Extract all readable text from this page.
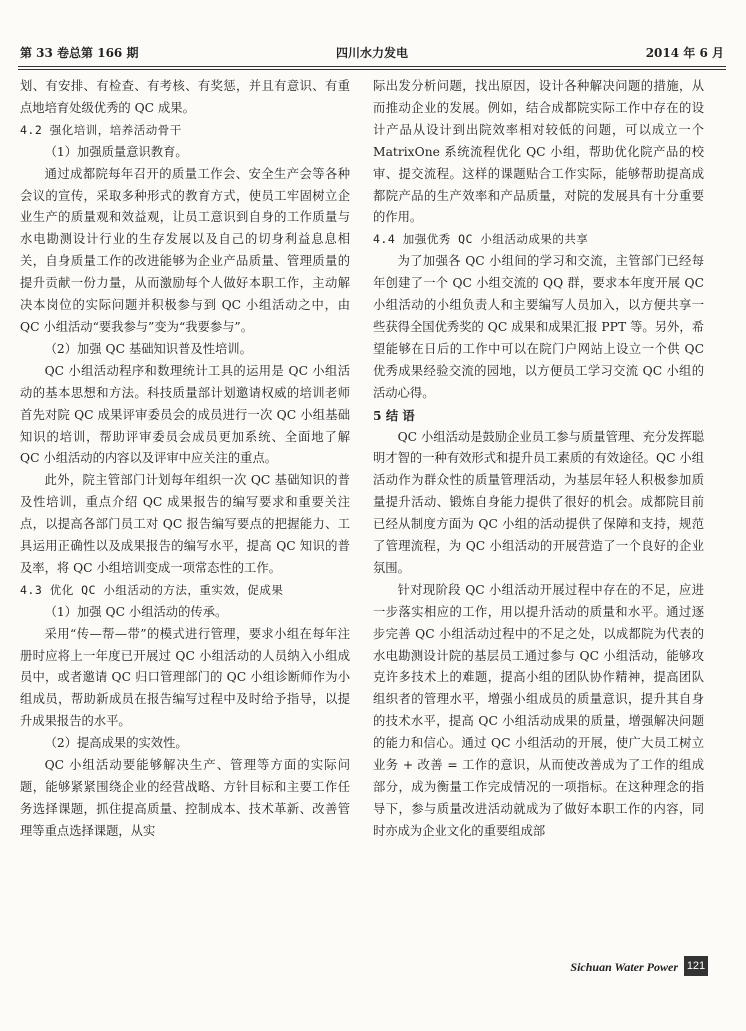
第 33 卷总第 166 期	四川水力发电	2014 年 6 月

划、有安排、有检查、有考核、有奖惩，并且有意识、有重点地培育处级优秀的 QC 成果。

4.2 强化培训，培养活动骨干

（1）加强质量意识教育。

通过成都院每年召开的质量工作会、安全生产会等各种会议的宣传，采取多种形式的教育方式，使员工牢固树立企业生产的质量观和效益观，让员工意识到自身的工作质量与水电勘测设计行业的生存发展以及自己的切身利益息息相关，自身质量工作的改进能够为企业产品质量、管理质量的提升贡献一份力量，从而激励每个人做好本职工作，主动解决本岗位的实际问题并积极参与到 QC 小组活动之中，由 QC 小组活动“要我参与”变为“我要参与”。

（2）加强 QC 基础知识普及性培训。

QC 小组活动程序和数理统计工具的运用是 QC 小组活动的基本思想和方法。科技质量部计划邀请权威的培训老师首先对院 QC 成果评审委员会的成员进行一次 QC 小组基础知识的培训，帮助评审委员会成员更加系统、全面地了解 QC 小组活动的内容以及评审中应关注的重点。

此外，院主管部门计划每年组织一次 QC 基础知识的普及性培训，重点介绍 QC 成果报告的编写要求和重要关注点，以提高各部门员工对 QC 报告编写要点的把握能力、工具运用正确性以及成果报告的编写水平，提高 QC 知识的普及率，将 QC 小组培训变成一项常态性的工作。

4.3 优化 QC 小组活动的方法，重实效，促成果

（1）加强 QC 小组活动的传承。

采用“传—帮—带”的模式进行管理，要求小组在每年注册时应将上一年度已开展过 QC 小组活动的人员纳入小组成员中，或者邀请 QC 归口管理部门的 QC 小组诊断师作为小组成员，帮助新成员在报告编写过程中及时给予指导，以提升成果报告的水平。

（2）提高成果的实效性。

QC 小组活动要能够解决生产、管理等方面的实际问题，能够紧紧围绕企业的经营战略、方针目标和主要工作任务选择课题，抓住提高质量、控制成本、技术革新、改善管理等重点选择课题，从实

际出发分析问题，找出原因，设计各种解决问题的措施，从而推动企业的发展。例如，结合成都院实际工作中存在的设计产品从设计到出院效率相对较低的问题，可以成立一个 MatrixOne 系统流程优化 QC 小组，帮助优化院产品的校审、提交流程。这样的课题贴合工作实际，能够帮助提高成都院产品的生产效率和产品质量，对院的发展具有十分重要的作用。

4.4 加强优秀 QC 小组活动成果的共享

为了加强各 QC 小组间的学习和交流，主管部门已经每年创建了一个 QC 小组交流的 QQ 群，要求本年度开展 QC 小组活动的小组负责人和主要编写人员加入，以方便共享一些获得全国优秀奖的 QC 成果和成果汇报 PPT 等。另外，希望能够在日后的工作中可以在院门户网站上设立一个供 QC 优秀成果经验交流的园地，以方便员工学习交流 QC 小组的活动心得。

5 结 语

QC 小组活动是鼓励企业员工参与质量管理、充分发挥聪明才智的一种有效形式和提升员工素质的有效途径。QC 小组活动作为群众性的质量管理活动，为基层年轻人积极参加质量提升活动、锻炼自身能力提供了很好的机会。成都院目前已经从制度方面为 QC 小组的活动提供了保障和支持，规范了管理流程，为 QC 小组活动的开展营造了一个良好的企业氛围。

针对现阶段 QC 小组活动开展过程中存在的不足，应进一步落实相应的工作，用以提升活动的质量和水平。通过逐步完善 QC 小组活动过程中的不足之处，以成都院为代表的水电勘测设计院的基层员工通过参与 QC 小组活动，能够攻克许多技术上的难题，提高小组的团队协作精神，提高团队组织者的管理水平，增强小组成员的质量意识，提升其自身的技术水平，提高 QC 小组活动成果的质量，增强解决问题的能力和信心。通过 QC 小组活动的开展，使广大员工树立业务 + 改善 = 工作的意识，从而使改善成为了工作的组成部分，成为衡量工作完成情况的一项指标。在这种理念的指导下，参与质量改进活动就成为了做好本职工作的内容，同时亦成为企业文化的重要组成部

Sichuan Water Power 121
